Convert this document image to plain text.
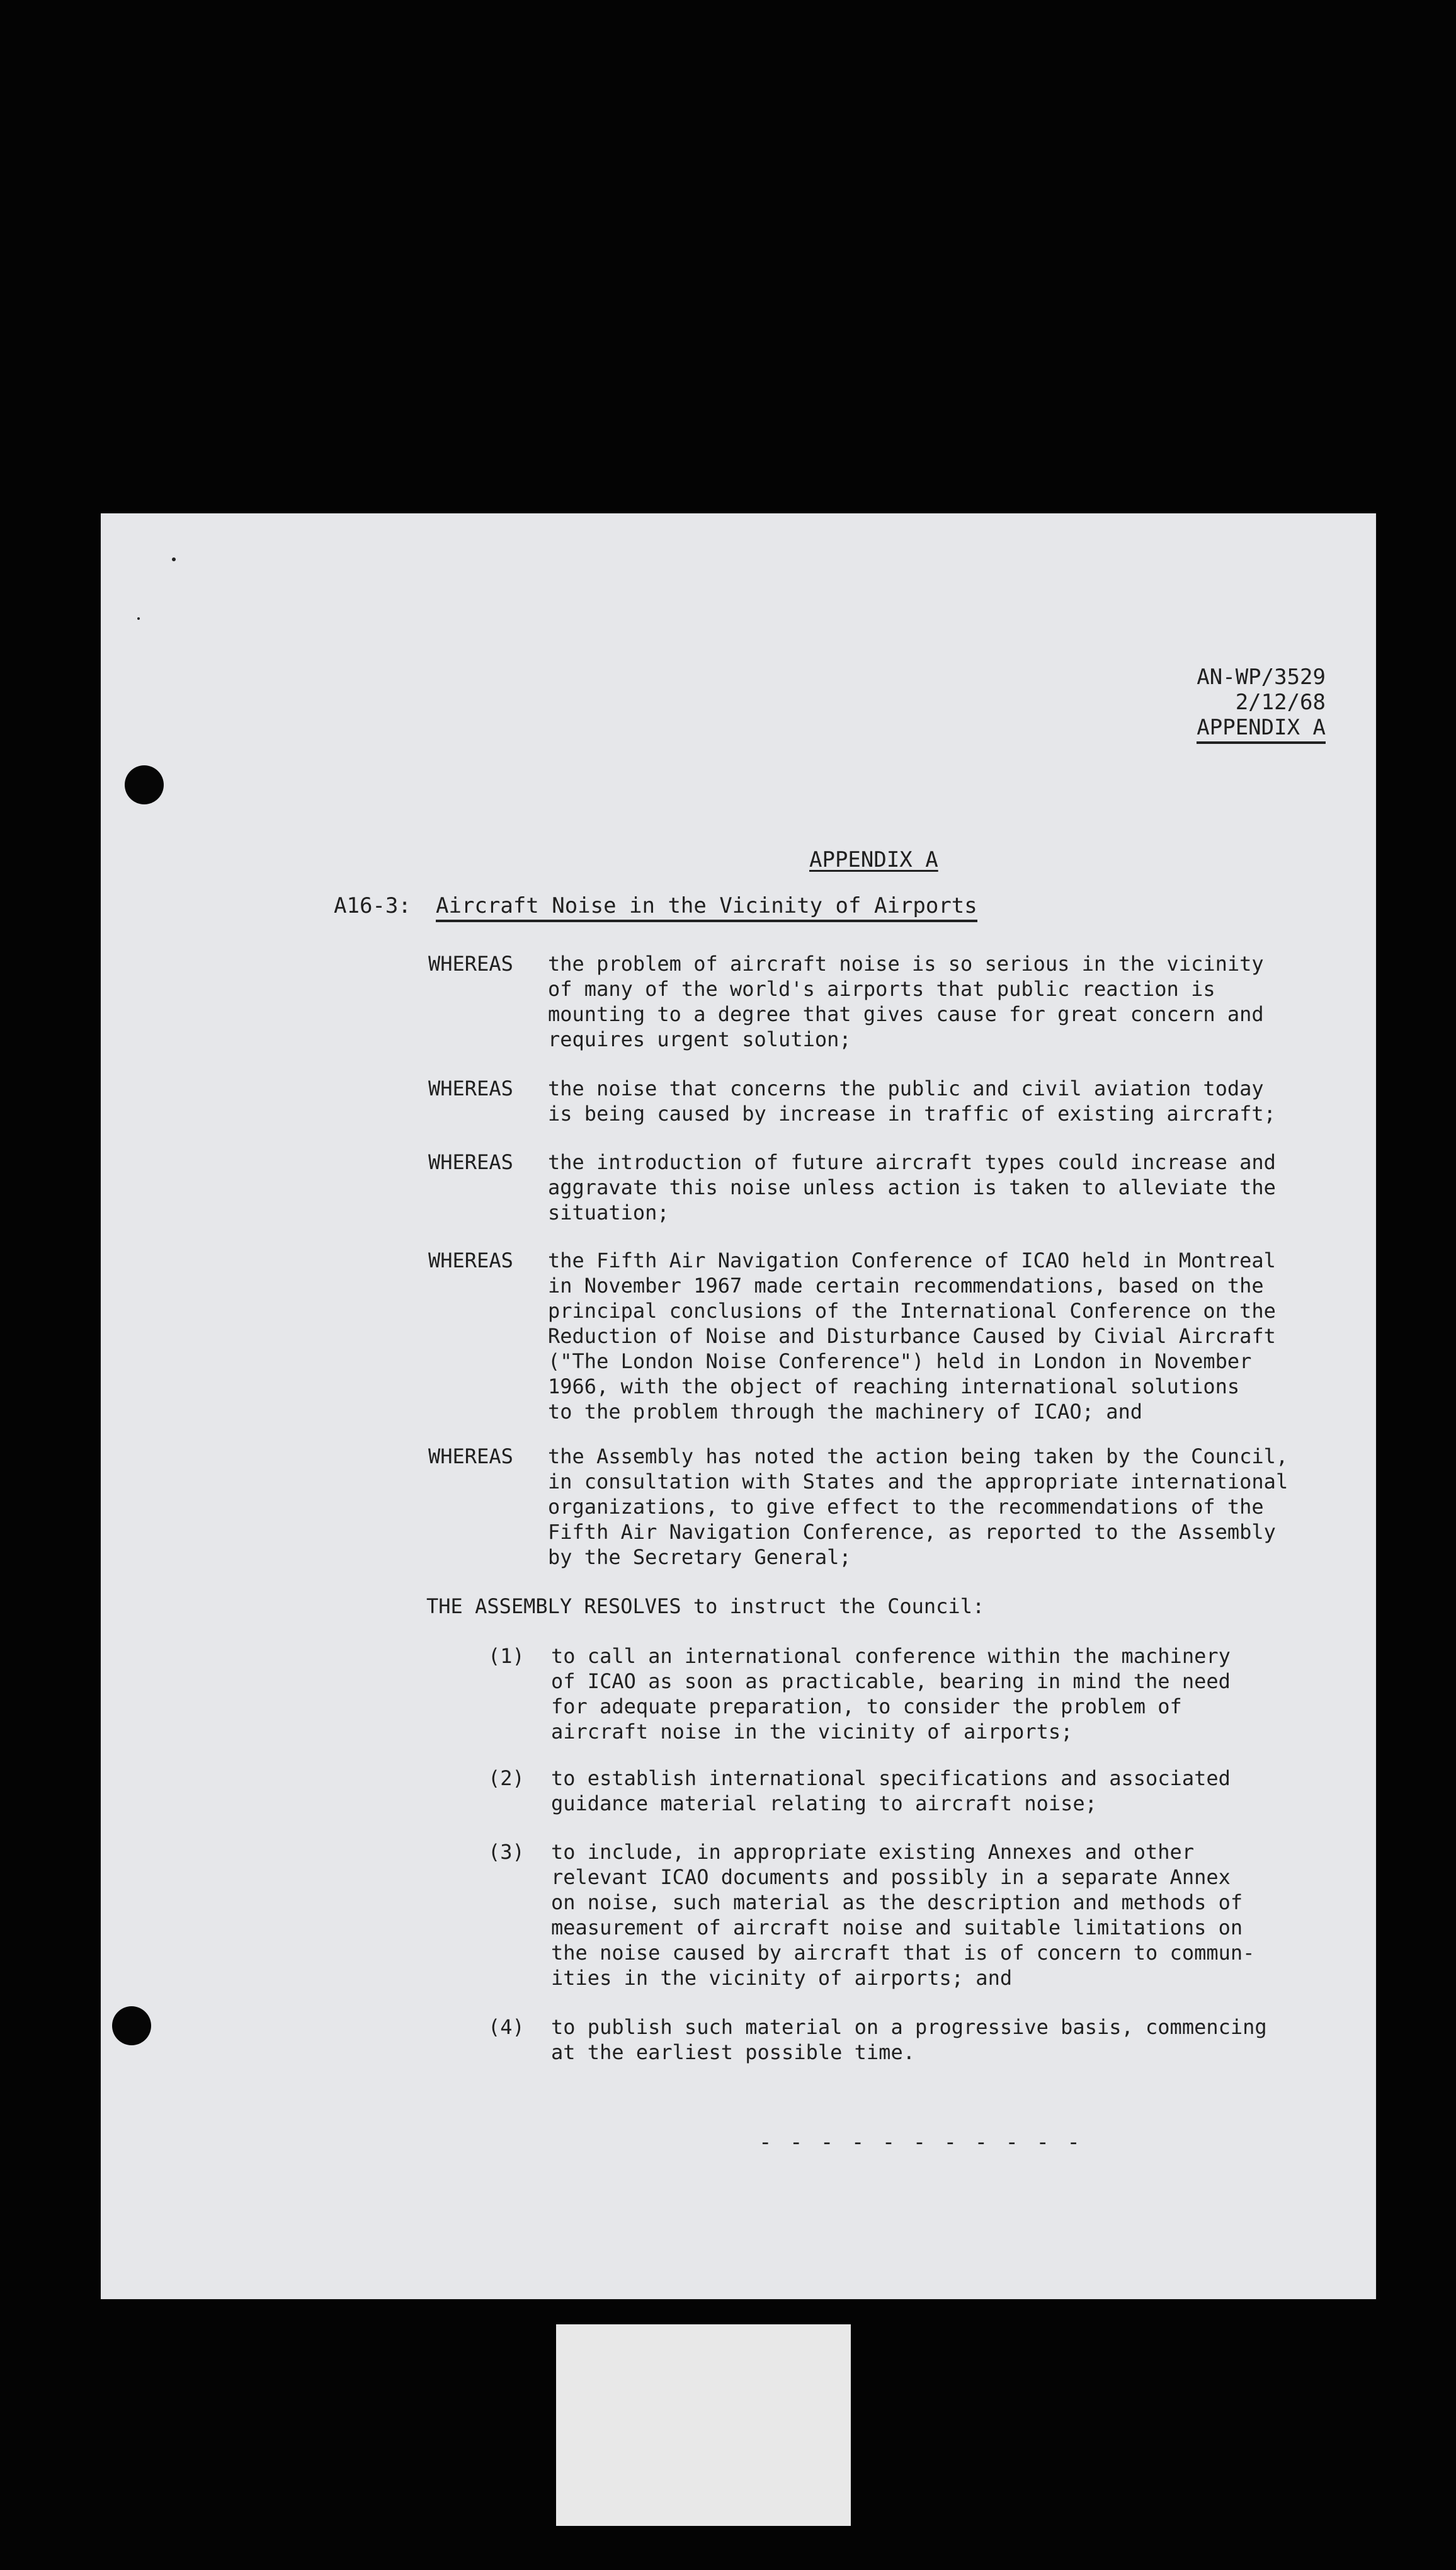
AN-WP/3529
2/12/68
APPENDIX A
APPENDIX A
A16-3: Aircraft Noise in the Vicinity of Airports
WHEREAS the problem of aircraft noise is so serious in the vicinity
of many of the world's airports that public reaction is
mounting to a degree that gives cause for great concern and
requires urgent solution;
WHEREAS the noise that concerns the public and civil aviation today
is being caused by increase in traffic of existing aircraft;
WHEREAS the introduction of future aircraft types could increase and
aggravate this noise unless action is taken to alleviate the
situation;
WHEREAS the Fifth Air Navigation Conference of ICAO held in Montreal
in November 1967 made certain recommendations, based on the
principal conclusions of the International Conference on the
Reduction of Noise and Disturbance Caused by Civial Aircraft
("The London Noise Conference") held in London in November
1966, with the object of reaching international solutions
to the problem through the machinery of ICAO; and
WHEREAS the Assembly has noted the action being taken by the Council,
in consultation with States and the appropriate international
organizations, to give effect to the recommendations of the
Fifth Air Navigation Conference, as reported to the Assembly
by the Secretary General;
THE ASSEMBLY RESOLVES to instruct the Council:
(1) to call an international conference within the machinery
of ICAO as soon as practicable, bearing in mind the need
for adequate preparation, to consider the problem of
aircraft noise in the vicinity of airports;
(2) to establish international specifications and associated
guidance material relating to aircraft noise;
(3) to include, in appropriate existing Annexes and other
relevant ICAO documents and possibly in a separate Annex
on noise, such material as the description and methods of
measurement of aircraft noise and suitable limitations on
the noise caused by aircraft that is of concern to commun-
ities in the vicinity of airports; and
(4) to publish such material on a progressive basis, commencing
at the earliest possible time.
- - - - - - - - - - -
